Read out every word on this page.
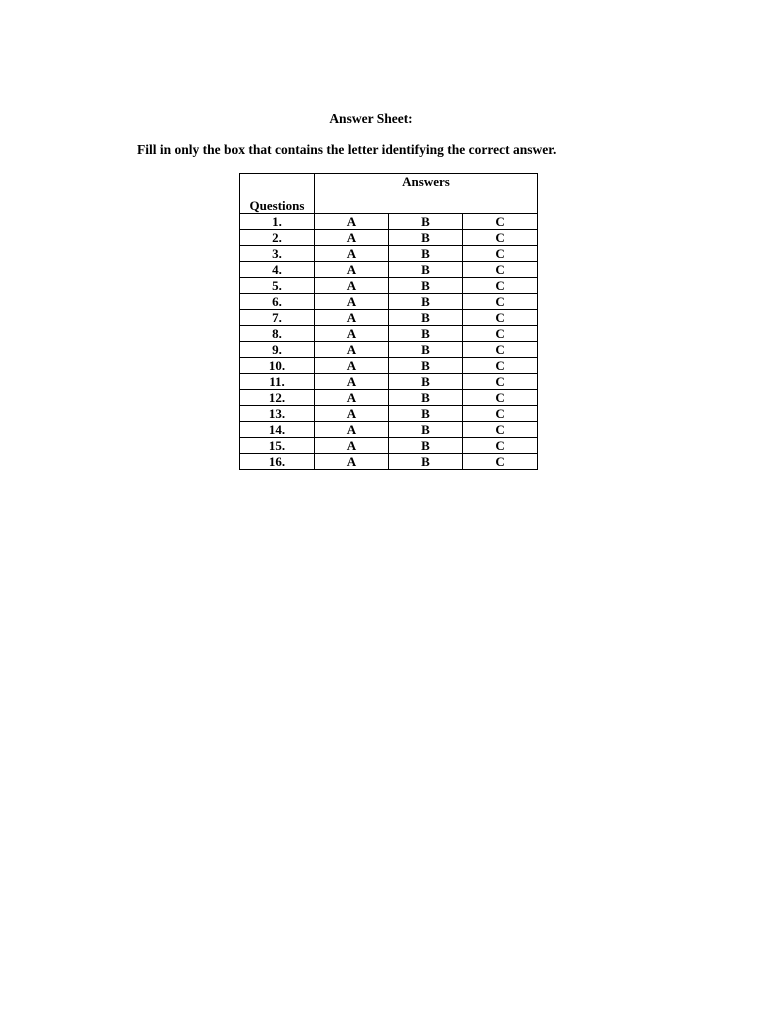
Answer Sheet:
Fill in only the box that contains the letter identifying the correct answer.
Questions	Answers		
1.	A	B	C
2.	A	B	C
3.	A	B	C
4.	A	B	C
5.	A	B	C
6.	A	B	C
7.	A	B	C
8.	A	B	C
9.	A	B	C
10.	A	B	C
11.	A	B	C
12.	A	B	C
13.	A	B	C
14.	A	B	C
15.	A	B	C
16.	A	B	C
